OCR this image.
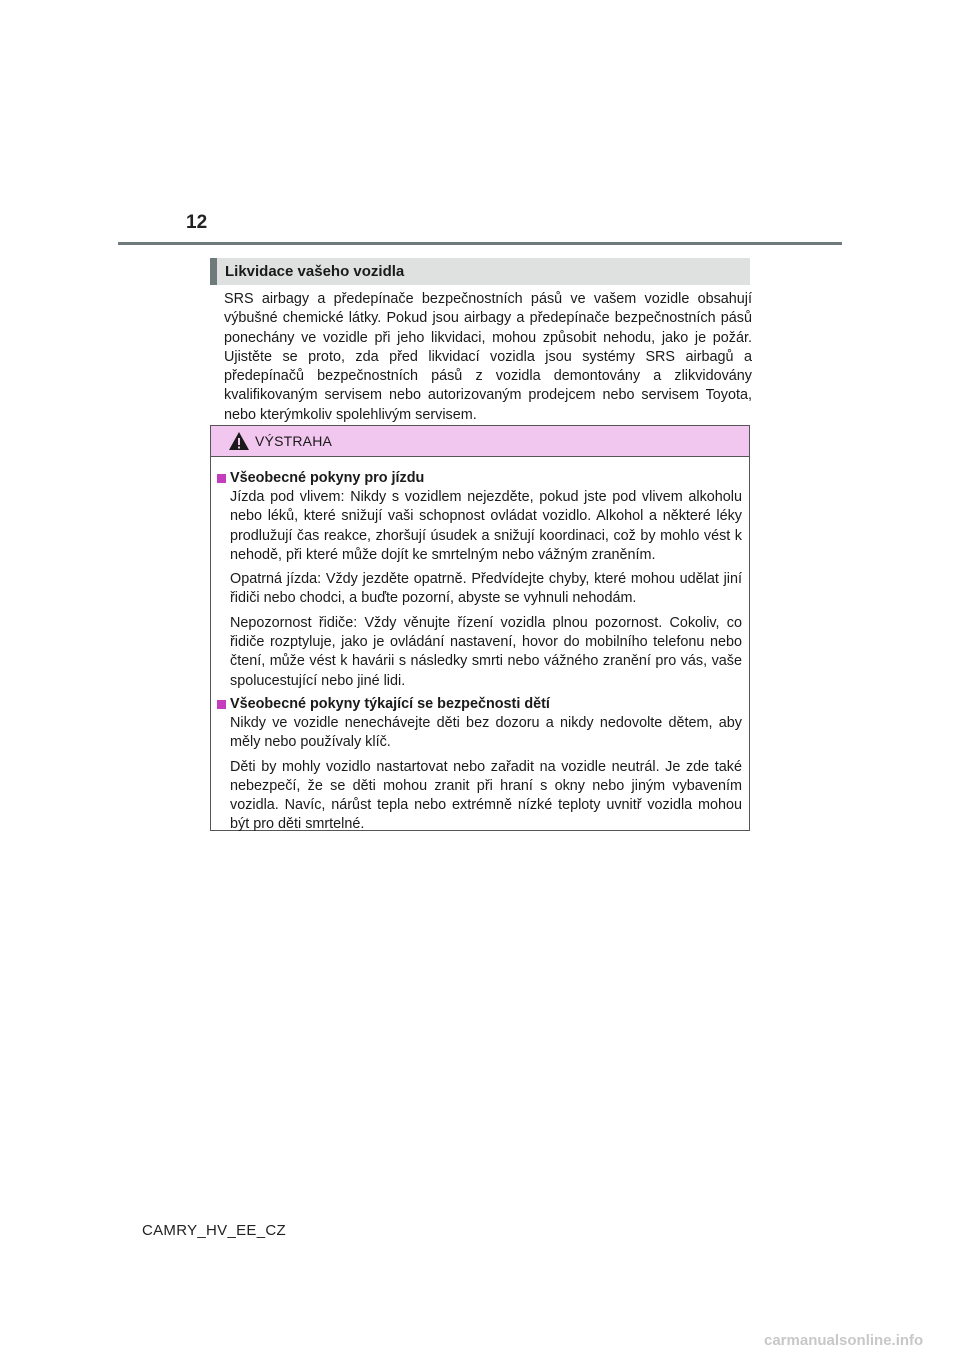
12
Likvidace vašeho vozidla

SRS airbagy a předepínače bezpečnostních pásů ve vašem vozidle obsahují výbušné chemické látky. Pokud jsou airbagy a předepínače bezpečnostních pásů ponechány ve vozidle při jeho likvidaci, mohou způsobit nehodu, jako je požár. Ujistěte se proto, zda před likvidací vozidla jsou systémy SRS airbagů a předepínačů bezpečnostních pásů z vozidla demontovány a zlikvidovány kvalifikovaným servisem nebo autorizovaným prodejcem nebo servisem Toyota, nebo kterýmkoliv spolehlivým servisem.

VÝSTRAHA
Všeobecné pokyny pro jízdu

Jízda pod vlivem: Nikdy s vozidlem nejezděte, pokud jste pod vlivem alkoholu nebo léků, které snižují vaši schopnost ovládat vozidlo. Alkohol a některé léky prodlužují čas reakce, zhoršují úsudek a snižují koordinaci, což by mohlo vést k nehodě, při které může dojít ke smrtelným nebo vážným zraněním.

Opatrná jízda: Vždy jezděte opatrně. Předvídejte chyby, které mohou udělat jiní řidiči nebo chodci, a buďte pozorní, abyste se vyhnuli nehodám.

Nepozornost řidiče: Vždy věnujte řízení vozidla plnou pozornost. Cokoliv, co řidiče rozptyluje, jako je ovládání nastavení, hovor do mobilního telefonu nebo čtení, může vést k havárii s následky smrti nebo vážného zranění pro vás, vaše spolucestující nebo jiné lidi.

Všeobecné pokyny týkající se bezpečnosti dětí

Nikdy ve vozidle nenechávejte děti bez dozoru a nikdy nedovolte dětem, aby měly nebo používaly klíč.

Děti by mohly vozidlo nastartovat nebo zařadit na vozidle neutrál. Je zde také nebezpečí, že se děti mohou zranit při hraní s okny nebo jiným vybavením vozidla. Navíc, nárůst tepla nebo extrémně nízké teploty uvnitř vozidla mohou být pro děti smrtelné.

CAMRY_HV_EE_CZ
carmanualsonline.info
